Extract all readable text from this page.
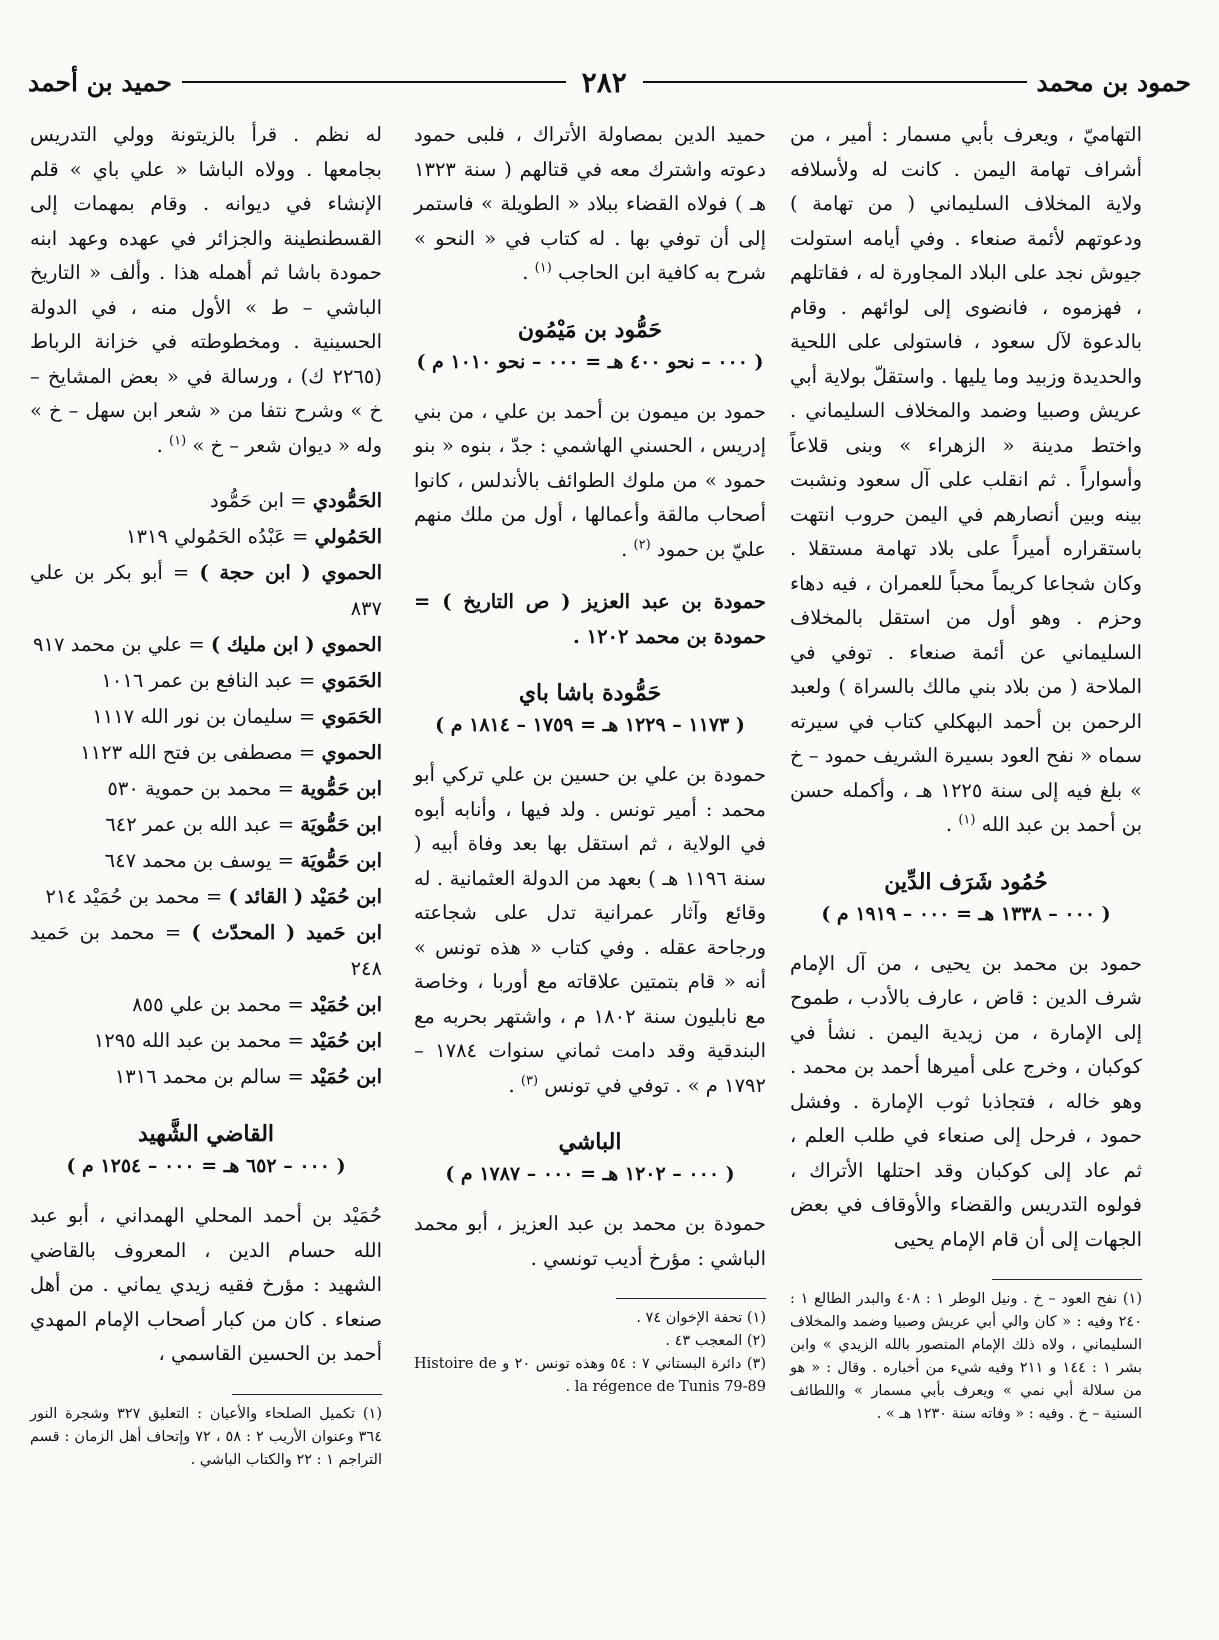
حمود بن محمد
٢٨٢
حميد بن أحمد

التهاميّ ، ويعرف بأبي مسمار : أمير ، من أشراف تهامة اليمن . كانت له ولأسلافه ولاية المخلاف السليماني ( من تهامة ) ودعوتهم لأئمة صنعاء . وفي أيامه استولت جيوش نجد على البلاد المجاورة له ، فقاتلهم ، فهزموه ، فانضوى إلى لوائهم . وقام بالدعوة لآل سعود ، فاستولى على اللحية والحديدة وزبيد وما يليها . واستقلّ بولاية أبي عريش وصبيا وضمد والمخلاف السليماني . واختط مدينة « الزهراء » وبنى قلاعاً وأسواراً . ثم انقلب على آل سعود ونشبت بينه وبين أنصارهم في اليمن حروب انتهت باستقراره أميراً على بلاد تهامة مستقلا . وكان شجاعا كريماً محباً للعمران ، فيه دهاء وحزم . وهو أول من استقل بالمخلاف السليماني عن أئمة صنعاء . توفي في الملاحة ( من بلاد بني مالك بالسراة ) ولعبد الرحمن بن أحمد البهكلي كتاب في سيرته سماه « نفح العود بسيرة الشريف حمود – خ » بلغ فيه إلى سنة ١٢٢٥ هـ ، وأكمله حسن بن أحمد بن عبد الله $^{(١)}$ .

حُمُود شَرَف الدِّين
( ٠٠٠ – ١٣٣٨ هـ = ٠٠٠ – ١٩١٩ م )

حمود بن محمد بن يحيى ، من آل الإمام شرف الدين : قاض ، عارف بالأدب ، طموح إلى الإمارة ، من زيدية اليمن . نشأ في كوكبان ، وخرج على أميرها أحمد بن محمد . وهو خاله ، فتجاذبا ثوب الإمارة . وفشل حمود ، فرحل إلى صنعاء في طلب العلم ، ثم عاد إلى كوكبان وقد احتلها الأتراك ، فولوه التدريس والقضاء والأوقاف في بعض الجهات إلى أن قام الإمام يحيى

(١) نفح العود – خ . ونيل الوطر ١ : ٤٠٨ والبدر الطالع ١ : ٢٤٠ وفيه : « كان والي أبي عريش وصبيا وضمد والمخلاف السليماني ، ولاه ذلك الإمام المنصور بالله الزيدي » وابن بشر ١ : ١٤٤ و ٢١١ وفيه شيء من أخباره . وقال : « هو من سلالة أبي نمي » ويعرف بأبي مسمار » واللطائف السنية – خ . وفيه : « وفاته سنة ١٢٣٠ هـ » .

حميد الدين بمصاولة الأتراك ، فلبى حمود دعوته واشترك معه في قتالهم ( سنة ١٣٢٣ هـ ) فولاه القضاء ببلاد « الطويلة » فاستمر إلى أن توفي بها . له كتاب في « النحو » شرح به كافية ابن الحاجب $^{(١)}$ .

حَمُّود بن مَيْمُون
( ٠٠٠ – نحو ٤٠٠ هـ = ٠٠٠ – نحو ١٠١٠ م )

حمود بن ميمون بن أحمد بن علي ، من بني إدريس ، الحسني الهاشمي : جدّ ، بنوه « بنو حمود » من ملوك الطوائف بالأندلس ، كانوا أصحاب مالقة وأعمالها ، أول من ملك منهم عليّ بن حمود $^{(٢)}$ .

حمودة بن عبد العزيز ( ص التاريخ ) = حمودة بن محمد ١٢٠٢ .

حَمُّودة باشا باي
( ١١٧٣ – ١٢٢٩ هـ = ١٧٥٩ – ١٨١٤ م )

حمودة بن علي بن حسين بن علي تركي أبو محمد : أمير تونس . ولد فيها ، وأنابه أبوه في الولاية ، ثم استقل بها بعد وفاة أبيه ( سنة ١١٩٦ هـ ) بعهد من الدولة العثمانية . له وقائع وآثار عمرانية تدل على شجاعته ورجاحة عقله . وفي كتاب « هذه تونس » أنه « قام بتمتين علاقاته مع أوربا ، وخاصة مع نابليون سنة ١٨٠٢ م ، واشتهر بحربه مع البندقية وقد دامت ثماني سنوات ١٧٨٤ – ١٧٩٢ م » . توفي في تونس $^{(٣)}$ .

الباشي
( ٠٠٠ – ١٢٠٢ هـ = ٠٠٠ – ١٧٨٧ م )

حمودة بن محمد بن عبد العزيز ، أبو محمد الباشي : مؤرخ أديب تونسي .

(١) تحفة الإخوان ٧٤ .

(٢) المعجب ٤٣ .

(٣) دائرة البستاني ٧ : ٥٤ وهذه تونس ٢٠ و Histoire de la régence de Tunis 79-89 .

له نظم . قرأ بالزيتونة وولي التدريس بجامعها . وولاه الباشا « علي باي » قلم الإنشاء في ديوانه . وقام بمهمات إلى القسطنطينة والجزائر في عهده وعهد ابنه حمودة باشا ثم أهمله هذا . وألف « التاريخ الباشي – ط » الأول منه ، في الدولة الحسينية . ومخطوطته في خزانة الرباط (٢٢٦٥ ك) ، ورسالة في « بعض المشايخ – خ » وشرح نتفا من « شعر ابن سهل – خ » وله « ديوان شعر – خ » $^{(١)}$ .

الحَمُّودي = ابن حَمُّود
الحَمُولي = عَبْدُه الحَمُولي ١٣١٩
الحموي ( ابن حجة ) = أبو بكر بن علي ٨٣٧
الحموي ( ابن مليك ) = علي بن محمد ٩١٧
الحَمَوي = عبد النافع بن عمر ١٠١٦
الحَمَوي = سليمان بن نور الله ١١١٧
الحموي = مصطفى بن فتح الله ١١٢٣
ابن حَمُّوية = محمد بن حموية ٥٣٠
ابن حَمُّويَة = عبد الله بن عمر ٦٤٢
ابن حَمُّويَة = يوسف بن محمد ٦٤٧
ابن حُمَيْد ( القائد ) = محمد بن حُمَيْد ٢١٤
ابن حَميد ( المحدّث ) = محمد بن حَميد ٢٤٨
ابن حُمَيْد = محمد بن علي ٨٥٥
ابن حُمَيْد = محمد بن عبد الله ١٢٩٥
ابن حُمَيْد = سالم بن محمد ١٣١٦
القاضي الشَّهيد
( ٠٠٠ – ٦٥٢ هـ = ٠٠٠ – ١٢٥٤ م )

حُمَيْد بن أحمد المحلي الهمداني ، أبو عبد الله حسام الدين ، المعروف بالقاضي الشهيد : مؤرخ فقيه زيدي يماني . من أهل صنعاء . كان من كبار أصحاب الإمام المهدي أحمد بن الحسين القاسمي ،

(١) تكميل الصلحاء والأعيان : التعليق ٣٢٧ وشجرة النور ٣٦٤ وعنوان الأريب ٢ : ٥٨ ، ٧٢ وإتحاف أهل الزمان : قسم التراجم ١ : ٢٢ والكتاب الباشي .
